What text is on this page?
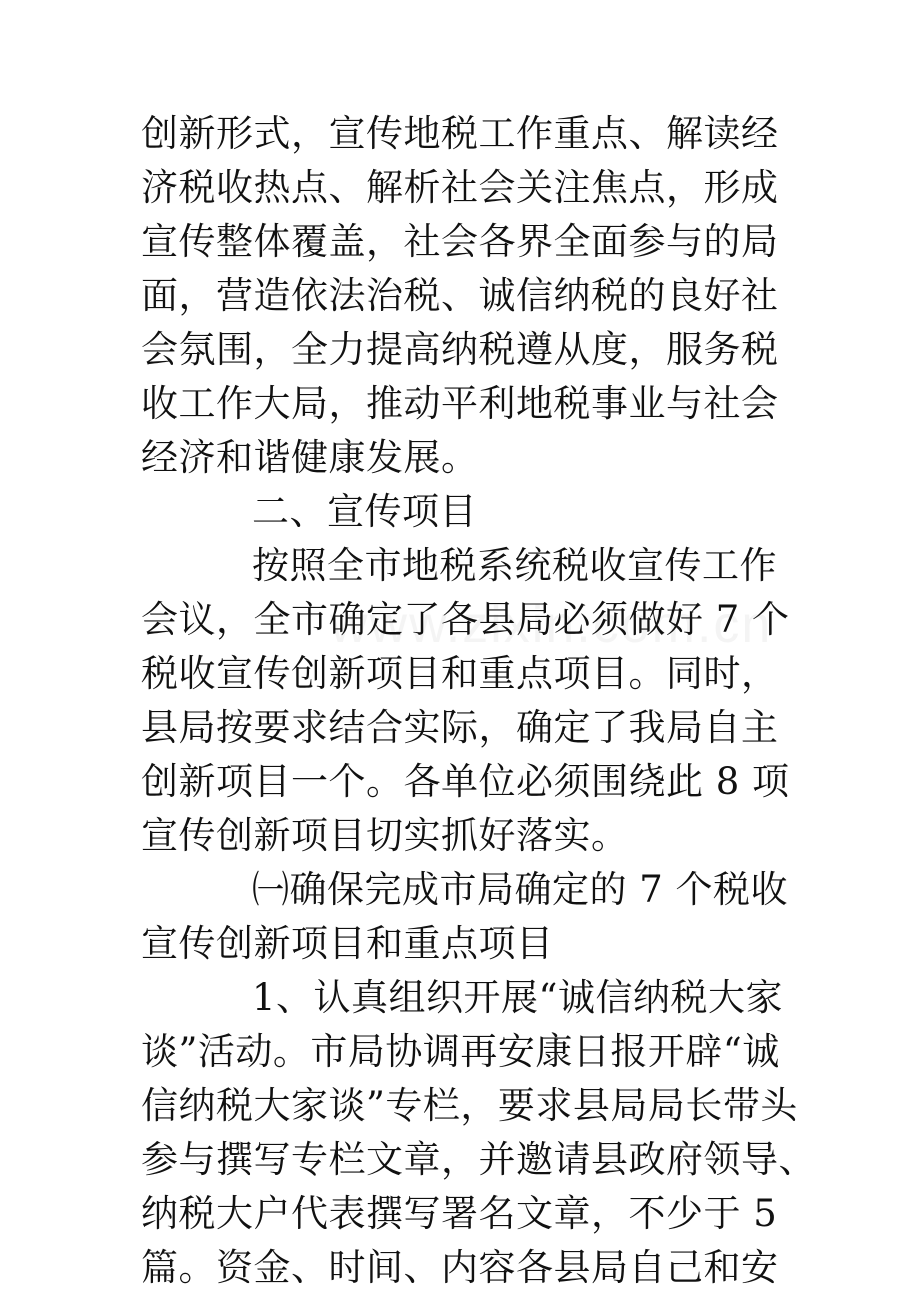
创新形式，宣传地税工作重点、解读经
济税收热点、解析社会关注焦点，形成
宣传整体覆盖，社会各界全面参与的局
面，营造依法治税、诚信纳税的良好社
会氛围，全力提高纳税遵从度，服务税
收工作大局，推动平利地税事业与社会
经济和谐健康发展。
二、宣传项目
按照全市地税系统税收宣传工作
会议，全市确定了各县局必须做好 7 个
税收宣传创新项目和重点项目。同时，
县局按要求结合实际，确定了我局自主
创新项目一个。各单位必须围绕此 8 项
宣传创新项目切实抓好落实。
㈠确保完成市局确定的 7 个税收
宣传创新项目和重点项目
1、认真组织开展“诚信纳税大家
谈”活动。市局协调再安康日报开辟“诚
信纳税大家谈”专栏，要求县局局长带头
参与撰写专栏文章，并邀请县政府领导、
纳税大户代表撰写署名文章，不少于 5
篇。资金、时间、内容各县局自己和安
